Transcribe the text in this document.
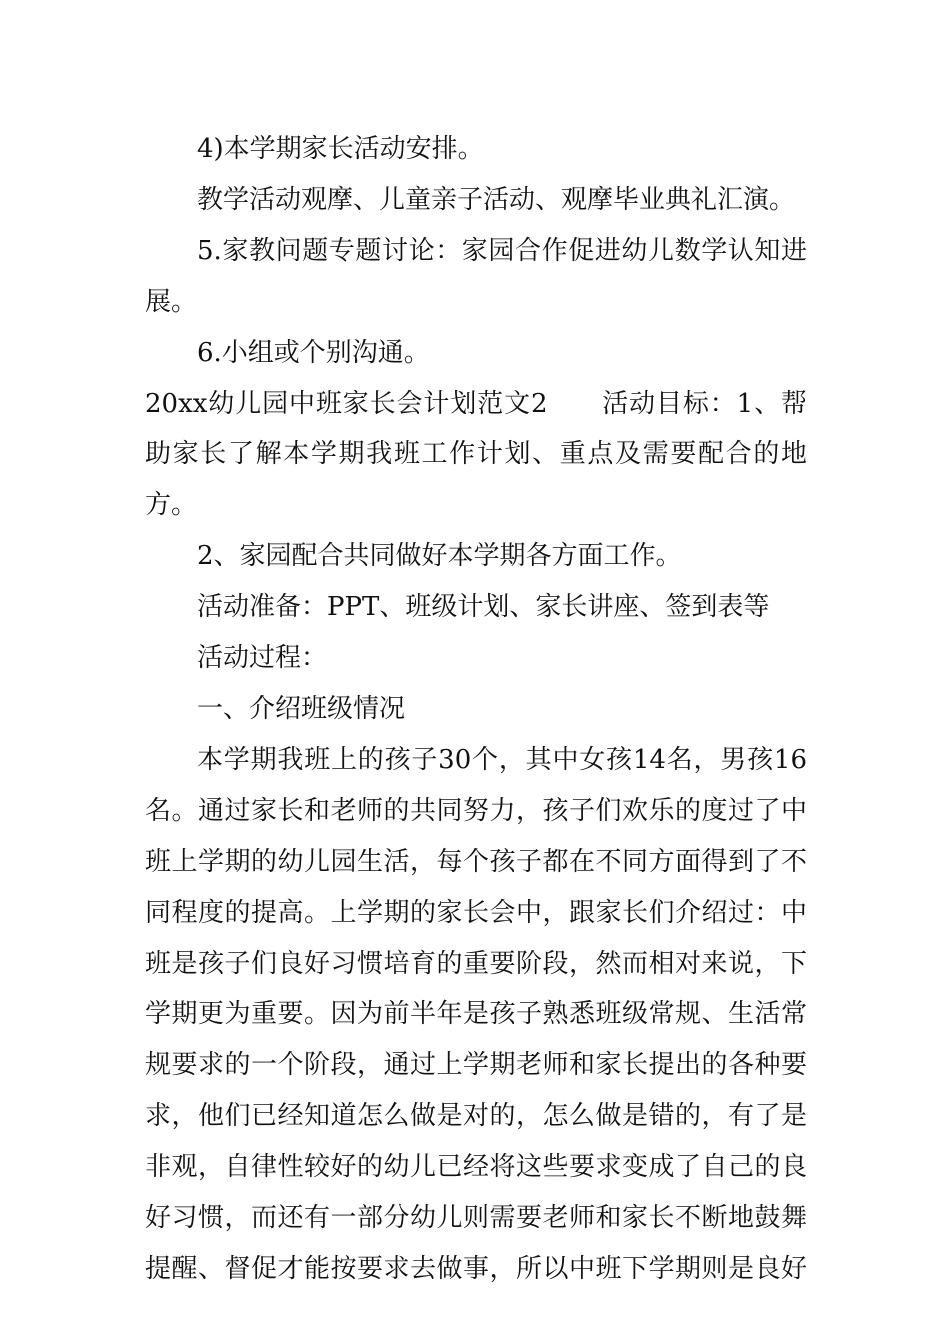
4)本学期家长活动安排。

教学活动观摩、儿童亲子活动、观摩毕业典礼汇演。

5.家教问题专题讨论：家园合作促进幼儿数学认知进展。

6.小组或个别沟通。

20xx幼儿园中班家长会计划范文2　　活动目标：1、帮助家长了解本学期我班工作计划、重点及需要配合的地方。

2、家园配合共同做好本学期各方面工作。

活动准备：PPT、班级计划、家长讲座、签到表等

活动过程：

一、介绍班级情况

本学期我班上的孩子30个，其中女孩14名，男孩16名。通过家长和老师的共同努力，孩子们欢乐的度过了中班上学期的幼儿园生活，每个孩子都在不同方面得到了不同程度的提高。上学期的家长会中，跟家长们介绍过：中班是孩子们良好习惯培育的重要阶段，然而相对来说，下学期更为重要。因为前半年是孩子熟悉班级常规、生活常规要求的一个阶段，通过上学期老师和家长提出的各种要求，他们已经知道怎么做是对的，怎么做是错的，有了是非观，自律性较好的幼儿已经将这些要求变成了自己的良好习惯，而还有一部分幼儿则需要老师和家长不断地鼓舞提醒、督促才能按要求去做事，所以中班下学期则是良好
